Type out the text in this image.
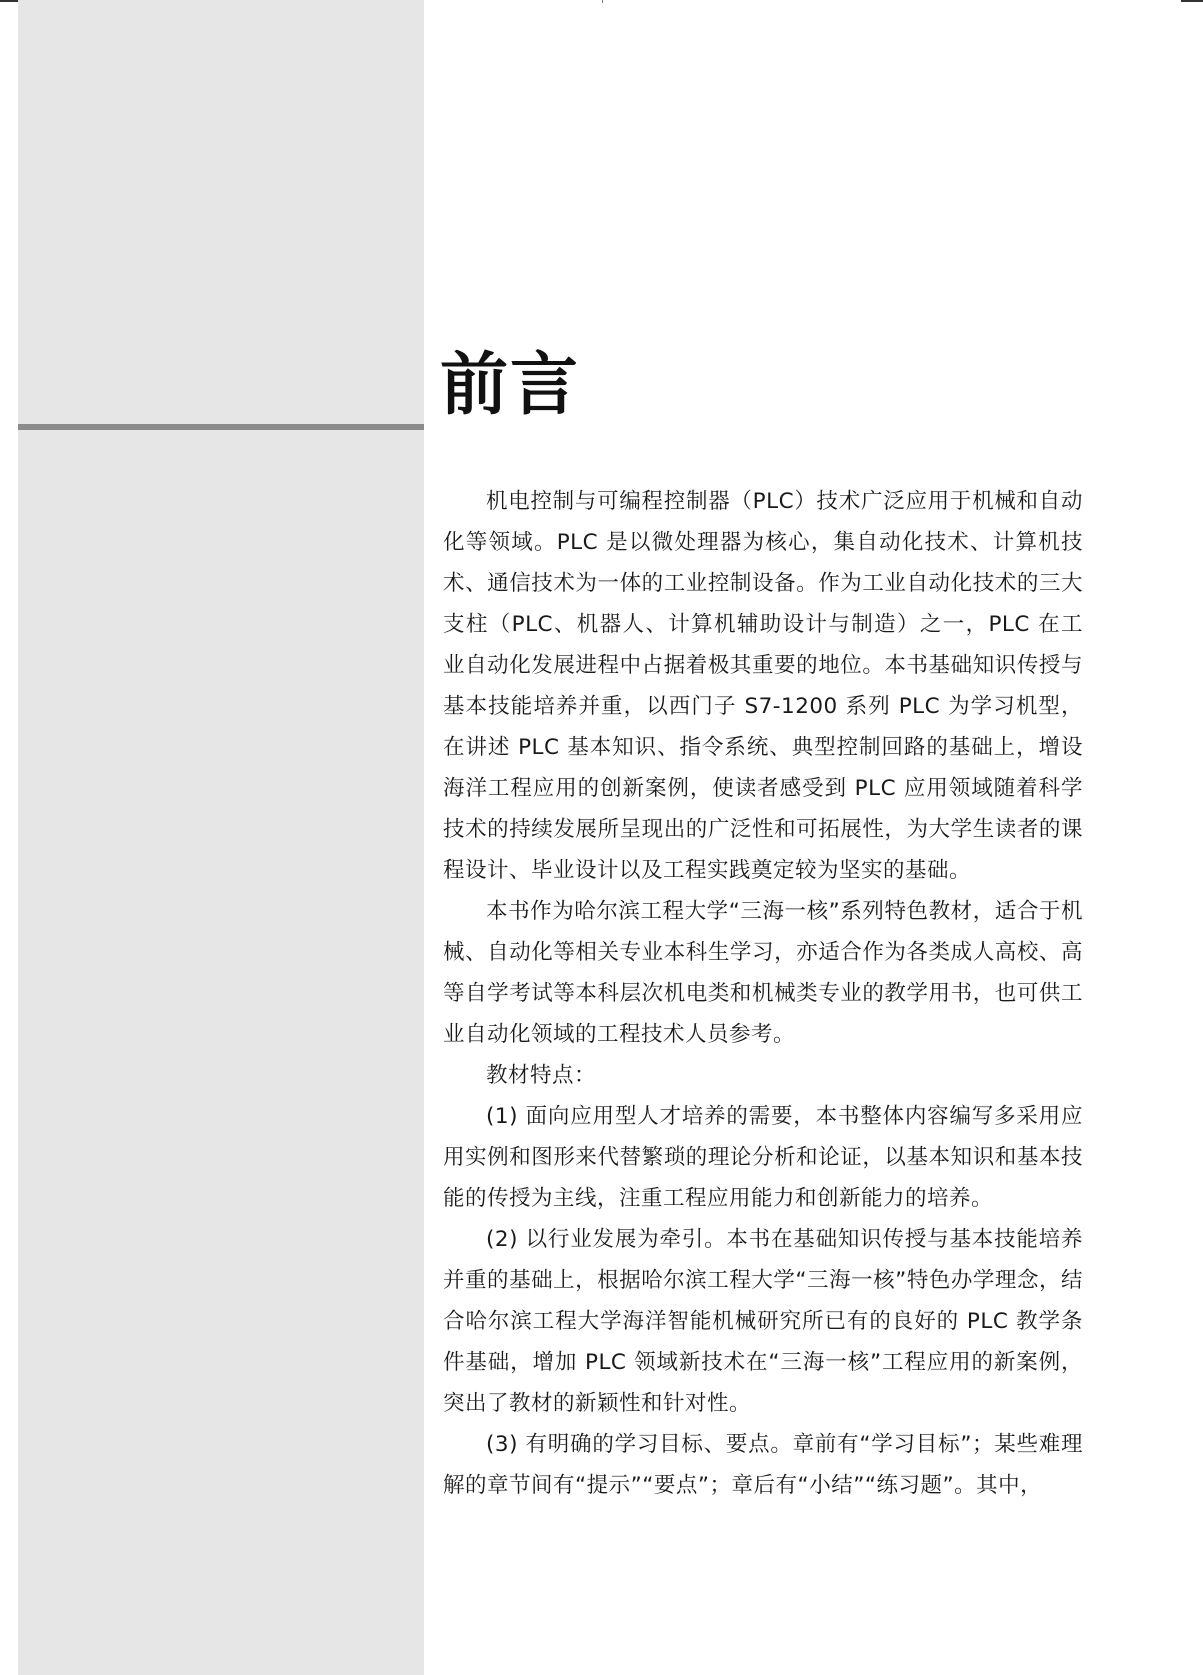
前言

机电控制与可编程控制器（PLC）技术广泛应用于机械和自动化等领域。PLC 是以微处理器为核心，集自动化技术、计算机技术、通信技术为一体的工业控制设备。作为工业自动化技术的三大支柱（PLC、机器人、计算机辅助设计与制造）之一，PLC 在工业自动化发展进程中占据着极其重要的地位。本书基础知识传授与基本技能培养并重，以西门子 S7-1200 系列 PLC 为学习机型，在讲述 PLC 基本知识、指令系统、典型控制回路的基础上，增设海洋工程应用的创新案例，使读者感受到 PLC 应用领域随着科学技术的持续发展所呈现出的广泛性和可拓展性，为大学生读者的课程设计、毕业设计以及工程实践奠定较为坚实的基础。

本书作为哈尔滨工程大学“三海一核”系列特色教材，适合于机械、自动化等相关专业本科生学习，亦适合作为各类成人高校、高等自学考试等本科层次机电类和机械类专业的教学用书，也可供工业自动化领域的工程技术人员参考。

教材特点：

(1) 面向应用型人才培养的需要，本书整体内容编写多采用应用实例和图形来代替繁琐的理论分析和论证，以基本知识和基本技能的传授为主线，注重工程应用能力和创新能力的培养。

(2) 以行业发展为牵引。本书在基础知识传授与基本技能培养并重的基础上，根据哈尔滨工程大学“三海一核”特色办学理念，结合哈尔滨工程大学海洋智能机械研究所已有的良好的 PLC 教学条件基础，增加 PLC 领域新技术在“三海一核”工程应用的新案例，突出了教材的新颖性和针对性。

(3) 有明确的学习目标、要点。章前有“学习目标”；某些难理解的章节间有“提示”“要点”；章后有“小结”“练习题”。其中，
